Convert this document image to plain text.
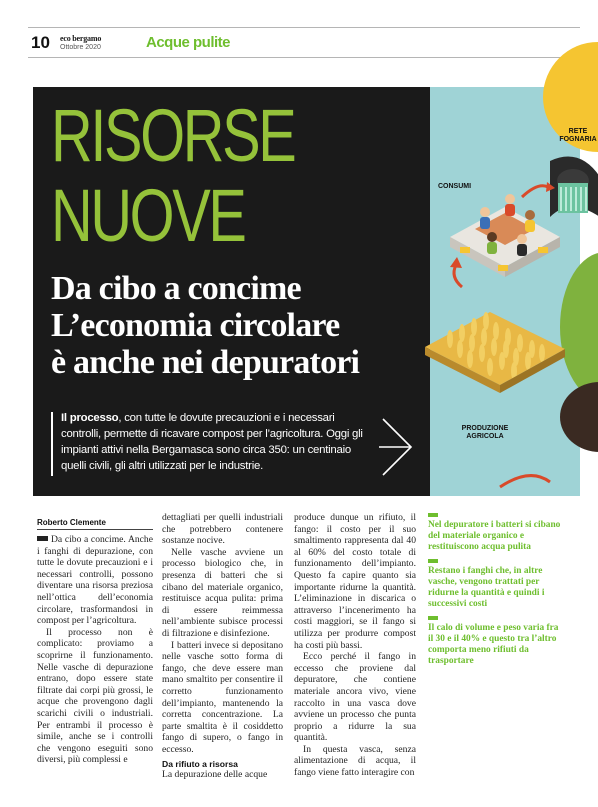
10 eco bergamo
Ottobre 2020	Acque pulite
RISORSE
NUOVE
Da cibo a concime
L’economia circolare
è anche nei depuratori
Il processo, con tutte le dovute precauzioni e i necessari controlli, permette di ricavare compost per l’agricoltura. Oggi gli impianti attivi nella Bergamasca sono circa 350: un centinaio quelli civili, gli altri utilizzati per le industrie.
RETE
FOGNARIA
CONSUMI
PRODUZIONE
AGRICOLA
Roberto Clemente

Da cibo a concime. Anche i fanghi di depurazione, con tutte le dovute precauzioni e i necessari controlli, possono diventare una risorsa preziosa nell’ottica dell’economia circolare, trasformandosi in compost per l’agricoltura.

Il processo non è complicato: proviamo a scoprirne il funzionamento. Nelle vasche di depurazione entrano, dopo essere state filtrate dai corpi più grossi, le acque che provengono dagli scarichi civili o industriali. Per entrambi il processo è simile, anche se i controlli che vengono eseguiti sono diversi, più complessi e

dettagliati per quelli industriali che potrebbero contenere sostanze nocive.

Nelle vasche avviene un processo biologico che, in presenza di batteri che si cibano del materiale organico, restituisce acqua pulita: prima di essere reimmessa nell’ambiente subisce processi di filtrazione e disinfezione.

I batteri invece si depositano nelle vasche sotto forma di fango, che deve essere man mano smaltito per consentire il corretto funzionamento dell’impianto, mantenendo la corretta concentrazione. La parte smaltita è il cosiddetto fango di supero, o fango in eccesso.

Da rifiuto a risorsa

La depurazione delle acque

produce dunque un rifiuto, il fango: il costo per il suo smaltimento rappresenta dal 40 al 60% del costo totale di funzionamento dell’impianto. Questo fa capire quanto sia importante ridurne la quantità. L’eliminazione in discarica o attraverso l’incenerimento ha costi maggiori, se il fango si utilizza per produrre compost ha costi più bassi.

Ecco perché il fango in eccesso che proviene dal depuratore, che contiene materiale ancora vivo, viene raccolto in una vasca dove avviene un processo che punta proprio a ridurre la sua quantità.

In questa vasca, senza alimentazione di acqua, il fango viene fatto interagire con

Nel depuratore i batteri si cibano del materiale organico e restituiscono acqua pulita
Restano i fanghi che, in altre vasche, vengono trattati per ridurne la quantità e quindi i successivi costi
Il calo di volume e peso varia fra il 30 e il 40% e questo tra l’altro comporta meno rifiuti da trasportare
